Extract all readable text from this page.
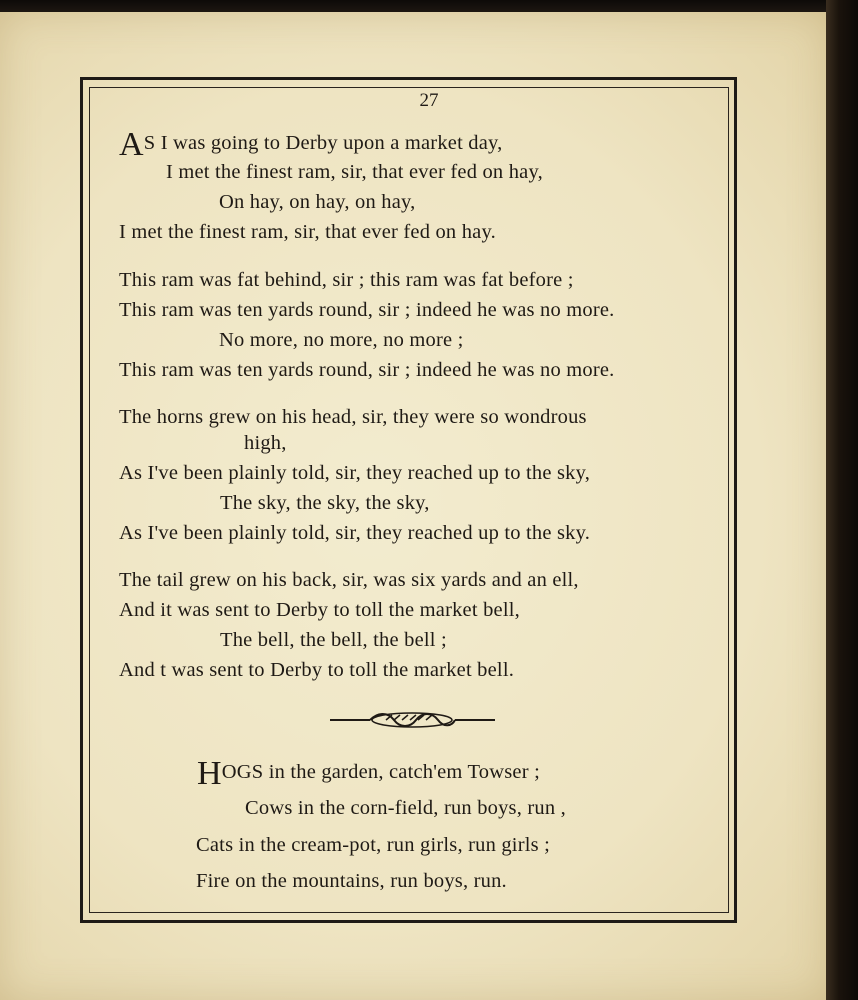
27
AS I was going to Derby upon a market day,
I met the finest ram, sir, that ever fed on hay,
On hay, on hay, on hay,
I met the finest ram, sir, that ever fed on hay.
This ram was fat behind, sir ; this ram was fat before ;
This ram was ten yards round, sir ; indeed he was no more.
No more, no more, no more ;
This ram was ten yards round, sir ; indeed he was no more.
The horns grew on his head, sir, they were so wondrous
high,
As I've been plainly told, sir, they reached up to the sky,
The sky, the sky, the sky,
As I've been plainly told, sir, they reached up to the sky.
The tail grew on his back, sir, was six yards and an ell,
And it was sent to Derby to toll the market bell,
The bell, the bell, the bell ;
And t was sent to Derby to toll the market bell.
HOGS in the garden, catch'em Towser ;
Cows in the corn-field, run boys, run ,
Cats in the cream-pot, run girls, run girls ;
Fire on the mountains, run boys, run.
